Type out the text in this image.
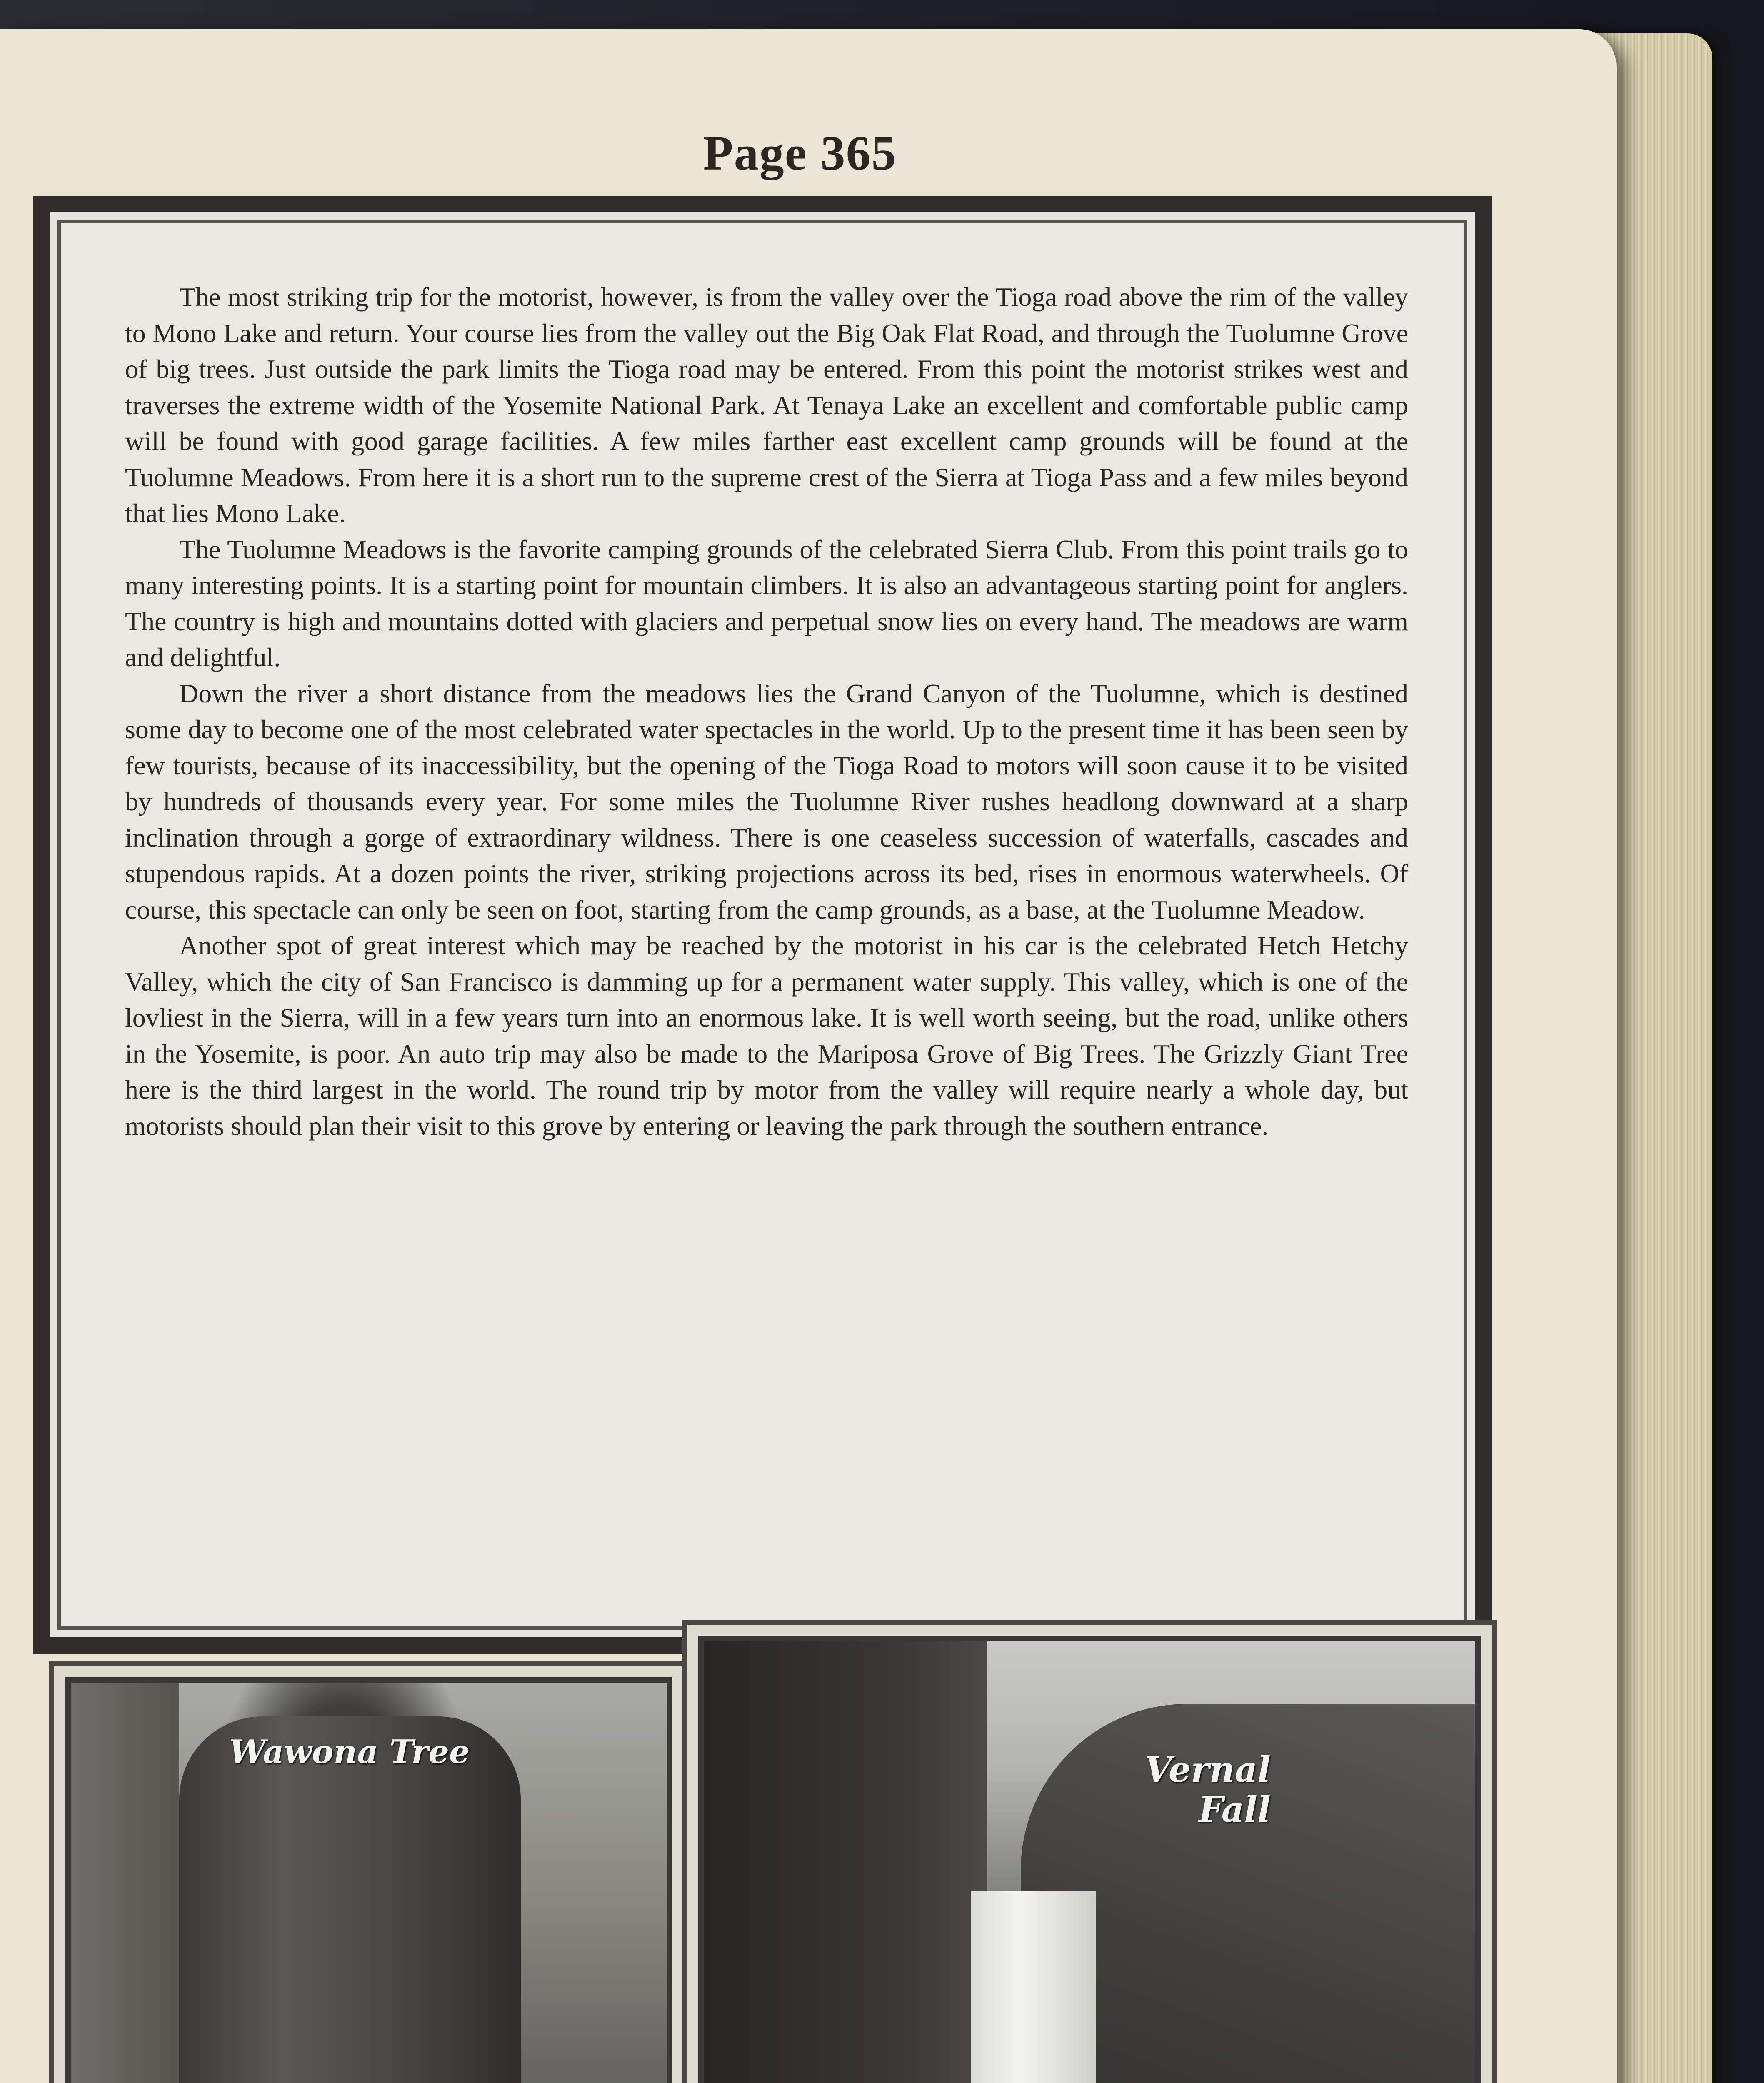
Page 365

The most striking trip for the motorist, however, is from the valley over the Tioga road above the rim of the valley to Mono Lake and return. Your course lies from the valley out the Big Oak Flat Road, and through the Tuolumne Grove of big trees. Just outside the park limits the Tioga road may be entered. From this point the motorist strikes west and traverses the extreme width of the Yosemite National Park. At Tenaya Lake an excellent and comfortable public camp will be found with good garage facilities. A few miles farther east excellent camp grounds will be found at the Tuolumne Meadows. From here it is a short run to the supreme crest of the Sierra at Tioga Pass and a few miles beyond that lies Mono Lake.

The Tuolumne Meadows is the favorite camping grounds of the celebrated Sierra Club. From this point trails go to many interesting points. It is a starting point for mountain climbers. It is also an advantageous starting point for anglers. The country is high and mountains dotted with glaciers and perpetual snow lies on every hand. The meadows are warm and delightful.

Down the river a short distance from the meadows lies the Grand Canyon of the Tuolumne, which is destined some day to become one of the most celebrated water spectacles in the world. Up to the present time it has been seen by few tourists, because of its inaccessibility, but the opening of the Tioga Road to motors will soon cause it to be visited by hundreds of thousands every year. For some miles the Tuolumne River rushes headlong downward at a sharp inclination through a gorge of extraordinary wildness. There is one ceaseless succession of waterfalls, cascades and stupendous rapids. At a dozen points the river, striking projections across its bed, rises in enormous waterwheels. Of course, this spectacle can only be seen on foot, starting from the camp grounds, as a base, at the Tuolumne Meadow.

Another spot of great interest which may be reached by the motorist in his car is the celebrated Hetch Hetchy Valley, which the city of San Francisco is damming up for a permanent water supply. This valley, which is one of the lovliest in the Sierra, will in a few years turn into an enormous lake. It is well worth seeing, but the road, unlike others in the Yosemite, is poor. An auto trip may also be made to the Mariposa Grove of Big Trees. The Grizzly Giant Tree here is the third largest in the world. The round trip by motor from the valley will require nearly a whole day, but motorists should plan their visit to this grove by entering or leaving the park through the southern entrance.

Wawona Tree	Vernal
Fall
